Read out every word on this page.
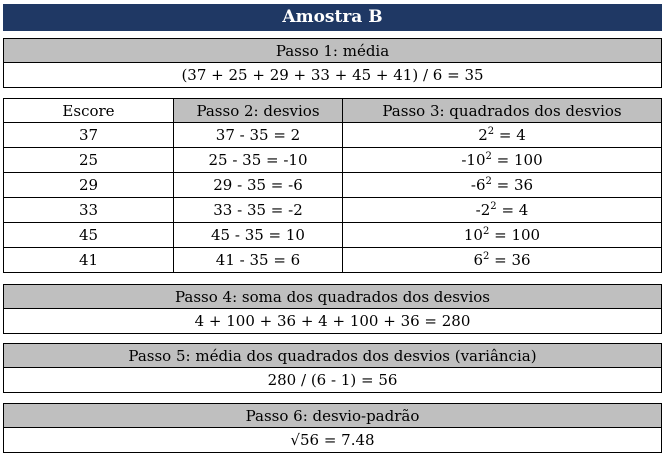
Amostra B
Passo 1: média
(37 + 25 + 29 + 33 + 45 + 41) / 6 = 35
Escore	Passo 2: desvios	Passo 3: quadrados dos desvios
37	37 - 35 = 2	$2^2 = 4$
25	25 - 35 = -10	$-10^2 = 100$
29	29 - 35 = -6	$-6^2 = 36$
33	33 - 35 = -2	$-2^2 = 4$
45	45 - 35 = 10	$10^2 = 100$
41	41 - 35 = 6	$6^2 = 36$
Passo 4: soma dos quadrados dos desvios
4 + 100 + 36 + 4 + 100 + 36 = 280
Passo 5: média dos quadrados dos desvios (variância)
280 / (6 - 1) = 56
Passo 6: desvio-padrão
√56 = 7.48
